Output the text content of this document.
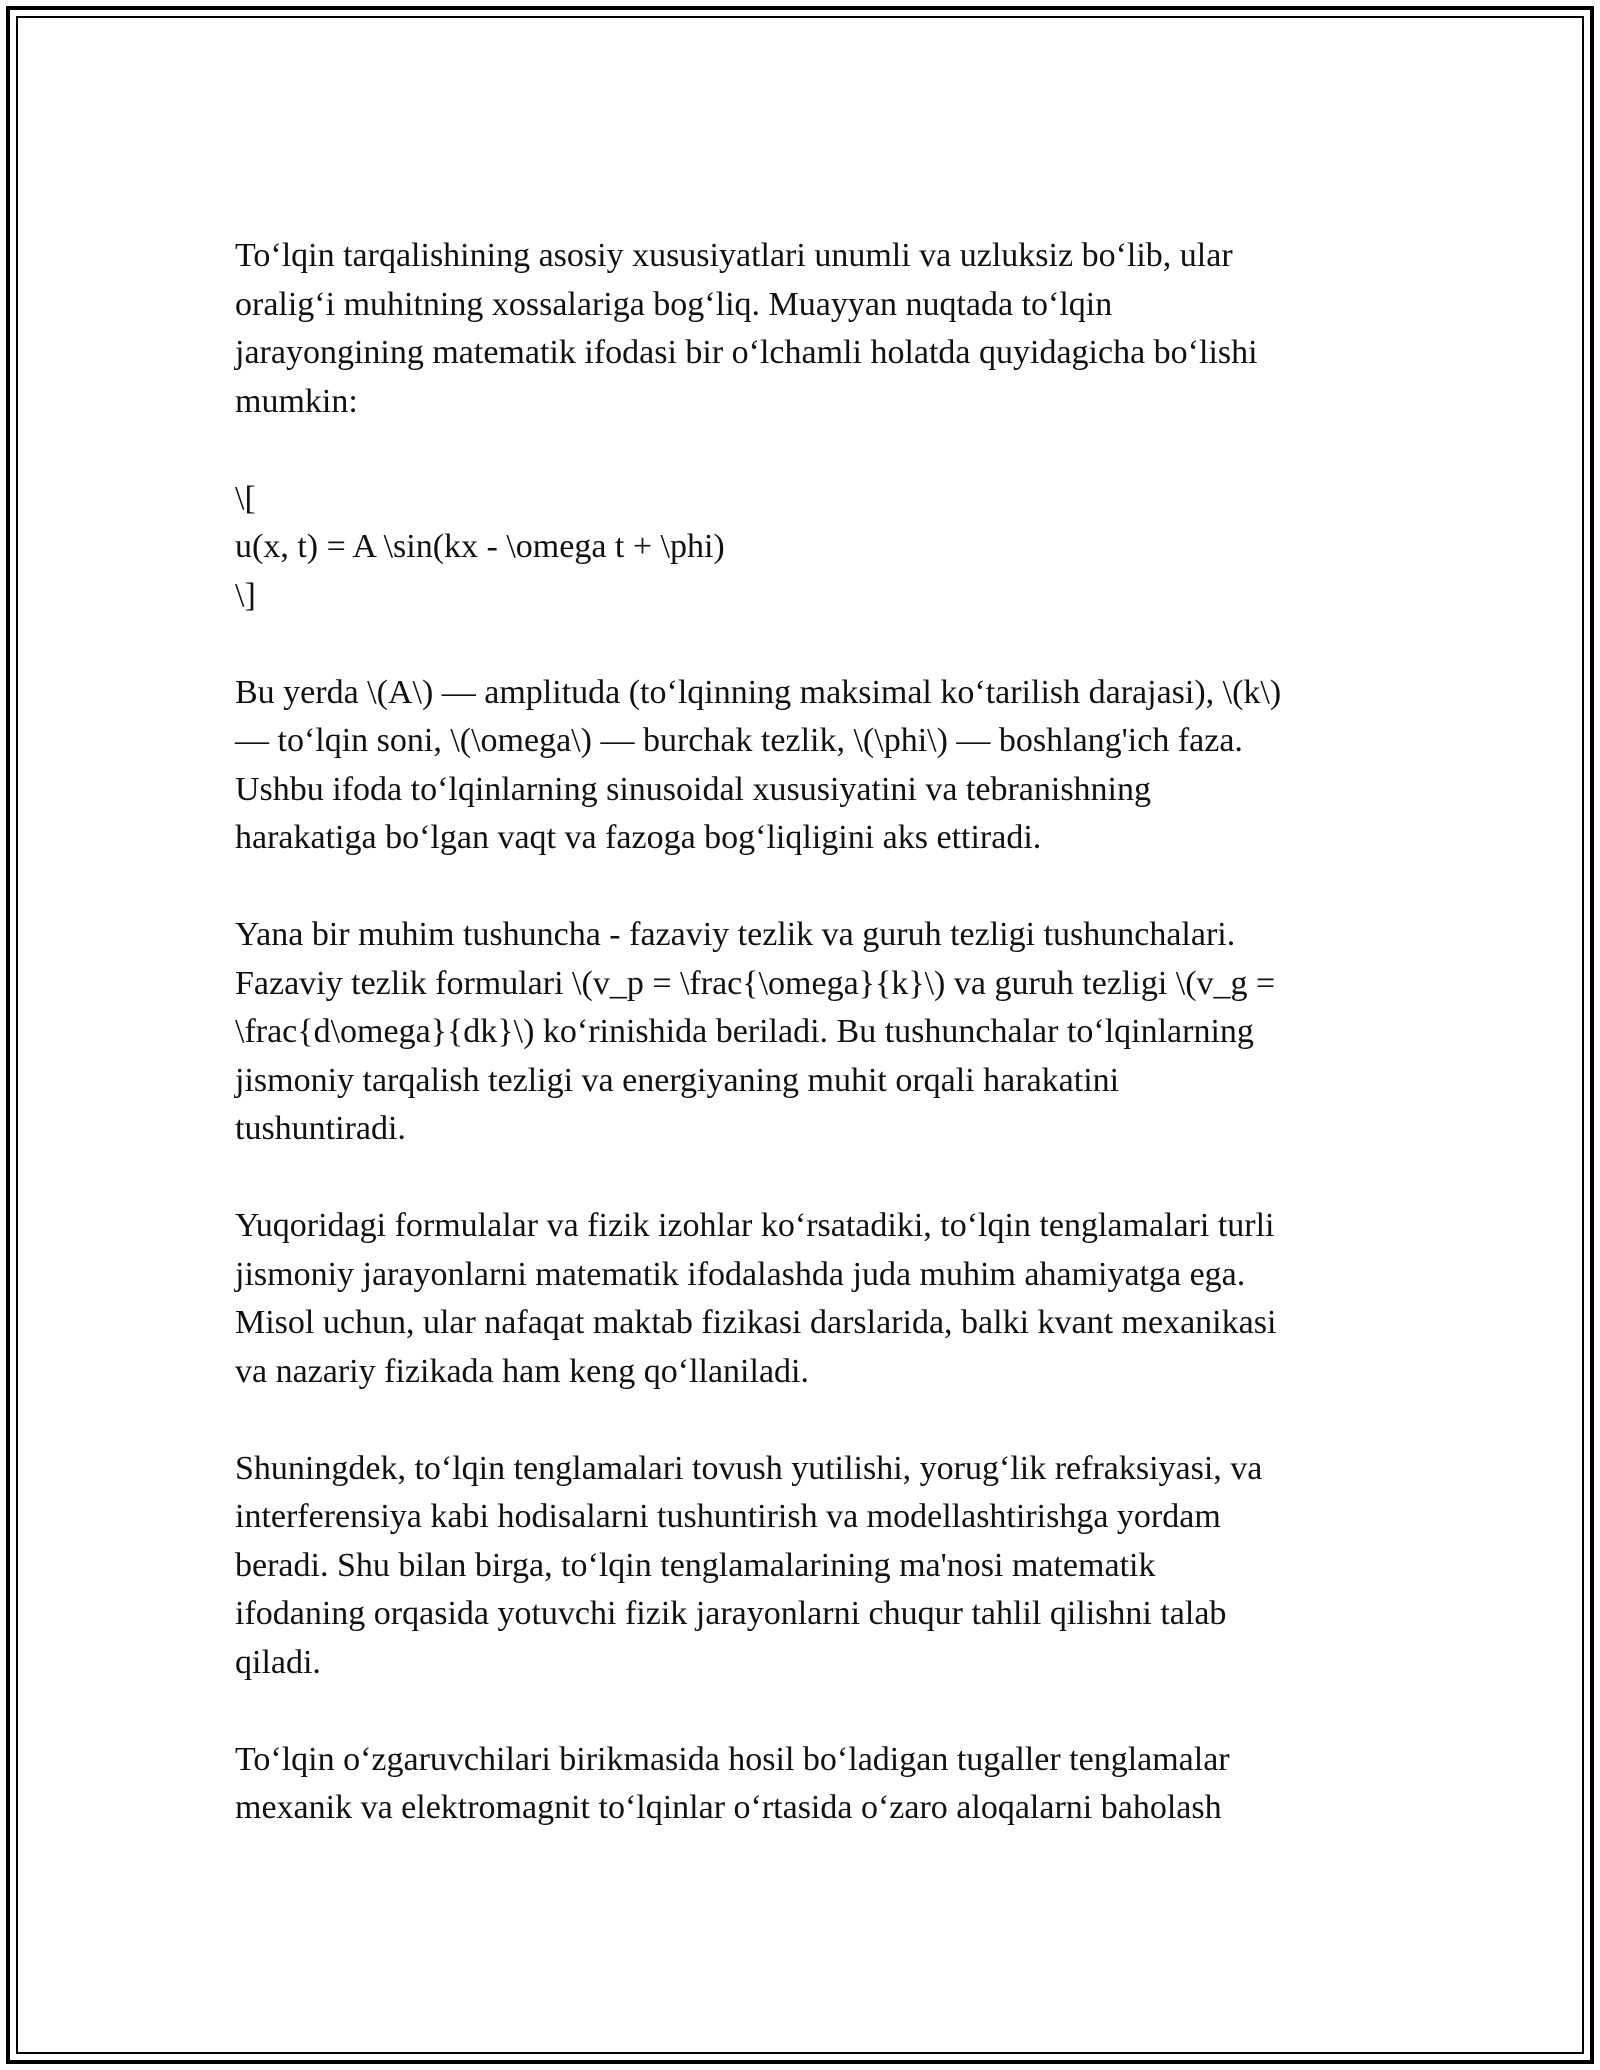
To‘lqin tarqalishining asosiy xususiyatlari unumli va uzluksiz bo‘lib, ular
oralig‘i muhitning xossalariga bog‘liq. Muayyan nuqtada to‘lqin
jarayongining matematik ifodasi bir o‘lchamli holatda quyidagicha bo‘lishi
mumkin:

\[
u(x, t) = A \sin(kx - \omega t + \phi)
\]

Bu yerda \(A\) — amplituda (to‘lqinning maksimal ko‘tarilish darajasi), \(k\)
— to‘lqin soni, \(\omega\) — burchak tezlik, \(\phi\) — boshlang'ich faza.
Ushbu ifoda to‘lqinlarning sinusoidal xususiyatini va tebranishning
harakatiga bo‘lgan vaqt va fazoga bog‘liqligini aks ettiradi.

Yana bir muhim tushuncha - fazaviy tezlik va guruh tezligi tushunchalari.
Fazaviy tezlik formulari \(v_p = \frac{\omega}{k}\) va guruh tezligi \(v_g =
\frac{d\omega}{dk}\) ko‘rinishida beriladi. Bu tushunchalar to‘lqinlarning
jismoniy tarqalish tezligi va energiyaning muhit orqali harakatini
tushuntiradi.

Yuqoridagi formulalar va fizik izohlar ko‘rsatadiki, to‘lqin tenglamalari turli
jismoniy jarayonlarni matematik ifodalashda juda muhim ahamiyatga ega.
Misol uchun, ular nafaqat maktab fizikasi darslarida, balki kvant mexanikasi
va nazariy fizikada ham keng qo‘llaniladi.

Shuningdek, to‘lqin tenglamalari tovush yutilishi, yorug‘lik refraksiyasi, va
interferensiya kabi hodisalarni tushuntirish va modellashtirishga yordam
beradi. Shu bilan birga, to‘lqin tenglamalarining ma'nosi matematik
ifodaning orqasida yotuvchi fizik jarayonlarni chuqur tahlil qilishni talab
qiladi.

To‘lqin o‘zgaruvchilari birikmasida hosil bo‘ladigan tugaller tenglamalar
mexanik va elektromagnit to‘lqinlar o‘rtasida o‘zaro aloqalarni baholash
